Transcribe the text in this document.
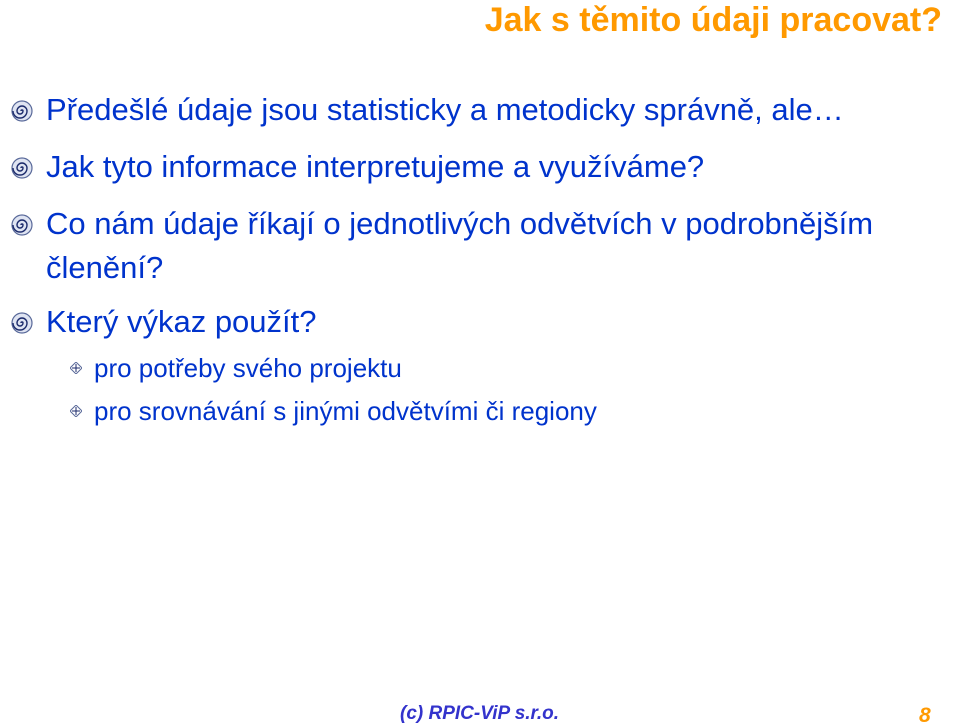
Jak s těmito údaji pracovat?
Předešlé údaje jsou statisticky a metodicky správně, ale…
Jak tyto informace interpretujeme a využíváme?
Co nám údaje říkají o jednotlivých odvětvích v podrobnějším členění?
Který výkaz použít?
pro potřeby svého projektu
pro srovnávání s jinými odvětvími či regiony
(c) RPIC-ViP s.r.o.	8
